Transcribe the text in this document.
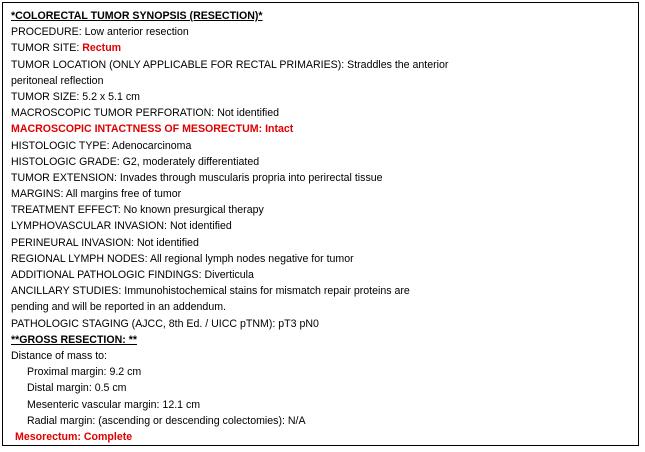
*COLORECTAL TUMOR SYNOPSIS (RESECTION)*
PROCEDURE: Low anterior resection
TUMOR SITE: Rectum
TUMOR LOCATION (ONLY APPLICABLE FOR RECTAL PRIMARIES): Straddles the anterior
peritoneal reflection
TUMOR SIZE: 5.2 x 5.1 cm
MACROSCOPIC TUMOR PERFORATION: Not identified
MACROSCOPIC INTACTNESS OF MESORECTUM: Intact
HISTOLOGIC TYPE: Adenocarcinoma
HISTOLOGIC GRADE: G2, moderately differentiated
TUMOR EXTENSION: Invades through muscularis propria into perirectal tissue
MARGINS: All margins free of tumor
TREATMENT EFFECT: No known presurgical therapy
LYMPHOVASCULAR INVASION: Not identified
PERINEURAL INVASION: Not identified
REGIONAL LYMPH NODES: All regional lymph nodes negative for tumor
ADDITIONAL PATHOLOGIC FINDINGS: Diverticula
ANCILLARY STUDIES: Immunohistochemical stains for mismatch repair proteins are
pending and will be reported in an addendum.
PATHOLOGIC STAGING (AJCC, 8th Ed. / UICC pTNM): pT3 pN0
**GROSS RESECTION: **
Distance of mass to:
Proximal margin: 9.2 cm
Distal margin: 0.5 cm
Mesenteric vascular margin: 12.1 cm
Radial margin: (ascending or descending colectomies): N/A
Mesorectum: Complete
